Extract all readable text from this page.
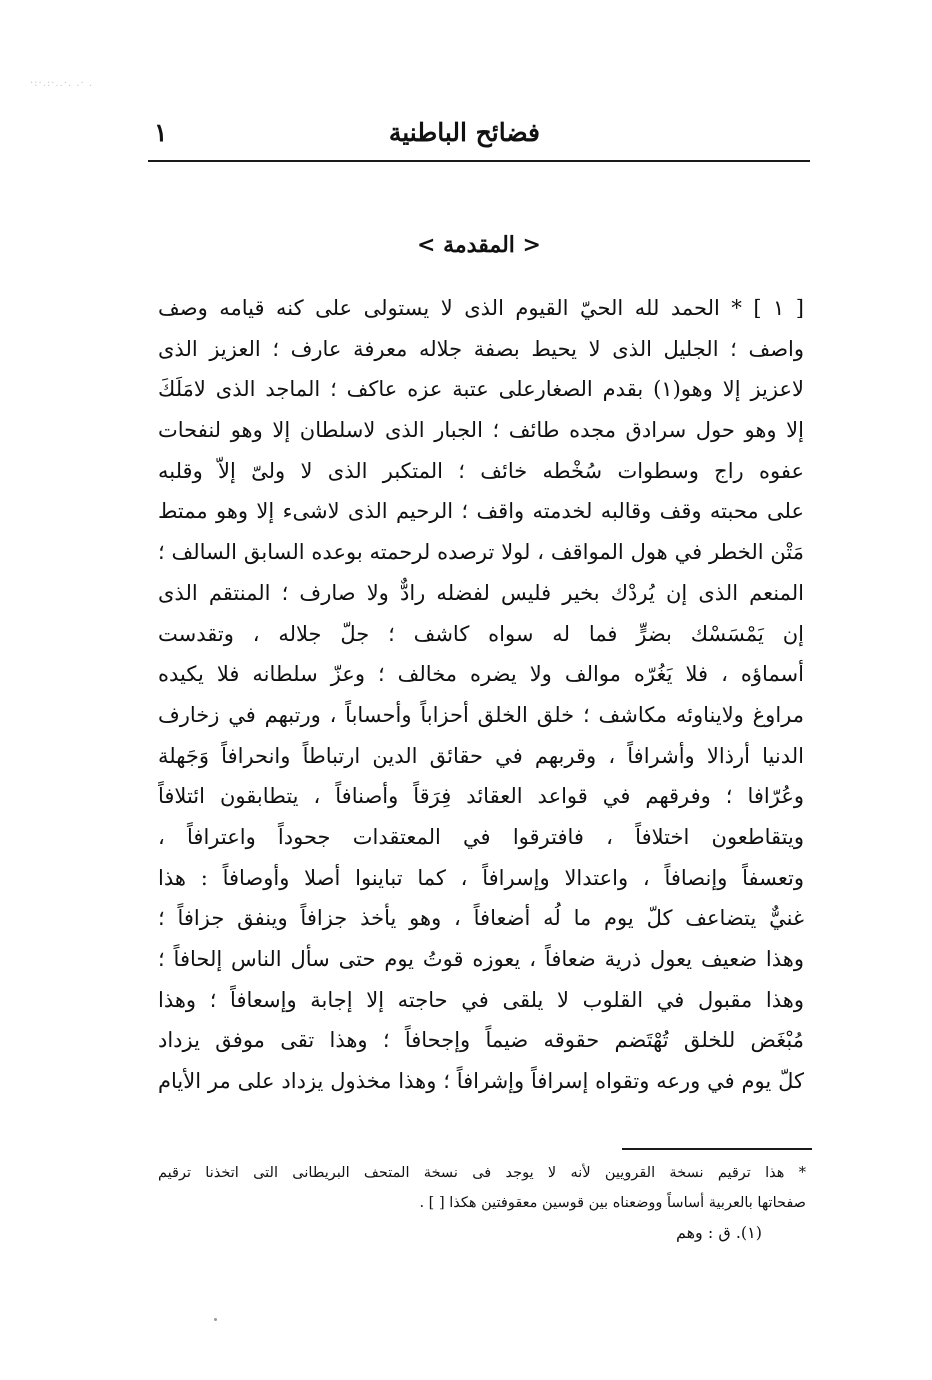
·:·.:·..·. .· .
فضائح الباطنية
١
< المقدمة >
[ ١ ] * الحمد لله الحيّ القيوم الذى لا يستولى على كنه قيامه وصف
واصف ؛ الجليل الذى لا يحيط بصفة جلاله معرفة عارف ؛ العزيز الذى
لاعزيز إلا وهو(١) بقدم الصغارعلى عتبة عزه عاكف ؛ الماجد الذى لامَلَكَ
إلا وهو حول سرادق مجده طائف ؛ الجبار الذى لاسلطان إلا وهو لنفحات
عفوه راج وسطوات سُخْطه خائف ؛ المتكبر الذى لا ولىّ إلاّ وقلبه
على محبته وقف وقالبه لخدمته واقف ؛ الرحيم الذى لاشىء إلا وهو ممتط
مَتْن الخطر في هول المواقف ، لولا ترصده لرحمته بوعده السابق السالف ؛
المنعم الذى إن يُردْك بخير فليس لفضله رادٌّ ولا صارف ؛ المنتقم الذى
إن يَمْسَسْك بضرٍّ فما له سواه كاشف ؛ جلّ جلاله ، وتقدست
أسماؤه ، فلا يَغُرّه موالف ولا يضره مخالف ؛ وعزّ سلطانه فلا يكيده
مراوغ ولايناوئه مكاشف ؛ خلق الخلق أحزاباً وأحساباً ، ورتبهم في زخارف
الدنيا أرذالا وأشرافاً ، وقربهم في حقائق الدين ارتباطاً وانحرافاً وَجَهلة
وعُرّافا ؛ وفرقهم في قواعد العقائد فِرَقاً وأصنافاً ، يتطابقون ائتلافاً
ويتقاطعون اختلافاً ، فافترقوا في المعتقدات جحوداً واعترافاً ،
وتعسفاً وإنصافاً ، واعتدالا وإسرافاً ، كما تباينوا أصلا وأوصافاً : هذا
غنيٌّ يتضاعف كلّ يوم ما لُه أضعافاً ، وهو يأخذ جزافاً وينفق جزافاً ؛
وهذا ضعيف يعول ذرية ضعافاً ، يعوزه قوتُ يوم حتى سأل الناس إلحافاً ؛
وهذا مقبول في القلوب لا يلقى في حاجته إلا إجابة وإسعافاً ؛ وهذا
مُبْغَض للخلق تُهْتَضم حقوقه ضيماً وإجحافاً ؛ وهذا تقى موفق يزداد
كلّ يوم في ورعه وتقواه إسرافاً وإشرافاً ؛ وهذا مخذول يزداد على مر الأيام
* هذا ترقيم نسخة القرويين لأنه لا يوجد فى نسخة المتحف البريطانى التى اتخذنا ترقيم
صفحاتها بالعربية أساساً ووضعناه بين قوسين معقوفتين هكذا [ ] .
(١). ق : وهم
